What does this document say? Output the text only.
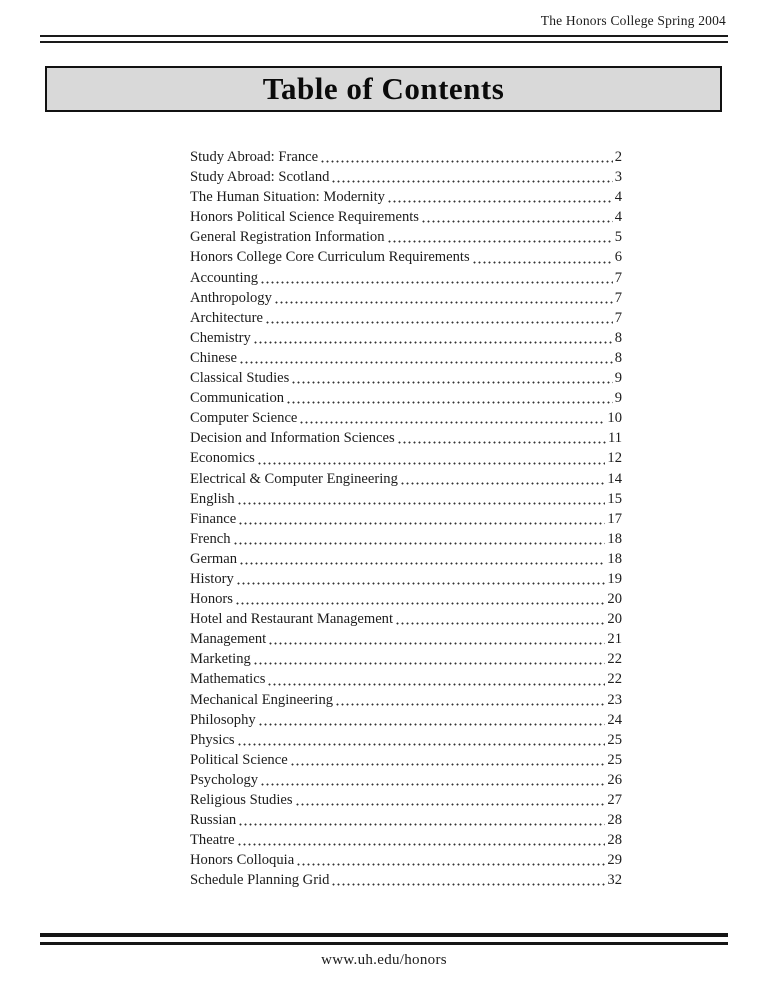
The Honors College Spring 2004
Table of Contents
Study Abroad: France	2
Study Abroad: Scotland	3
The Human Situation: Modernity	4
Honors Political Science Requirements	4
General Registration Information	5
Honors College Core Curriculum Requirements	6
Accounting	7
Anthropology	7
Architecture	7
Chemistry	8
Chinese	8
Classical Studies	9
Communication	9
Computer Science	10
Decision and Information Sciences	11
Economics	12
Electrical & Computer Engineering	14
English	15
Finance	17
French	18
German	18
History	19
Honors	20
Hotel and Restaurant Management	20
Management	21
Marketing	22
Mathematics	22
Mechanical Engineering	23
Philosophy	24
Physics	25
Political Science	25
Psychology	26
Religious Studies	27
Russian	28
Theatre	28
Honors Colloquia	29
Schedule Planning Grid	32
www.uh.edu/honors
